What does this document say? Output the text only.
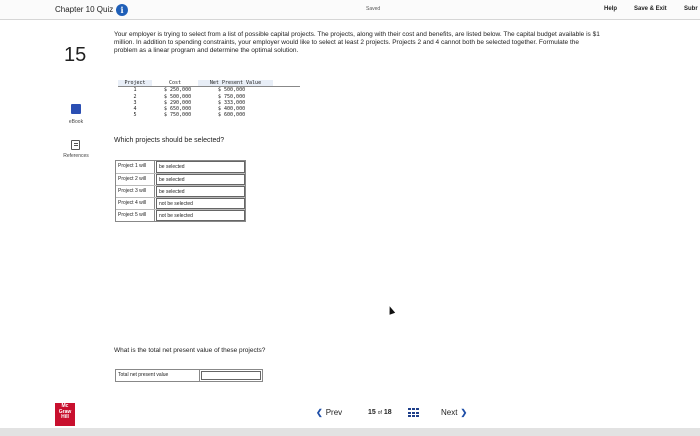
Chapter 10 Quiz i	Saved	Help	Save & Exit	Subr
15
eBook
References
Your employer is trying to select from a list of possible capital projects. The projects, along with their cost and benefits, are listed below. The capital budget available is $1 million. In addition to spending constraints, your employer would like to select at least 2 projects. Projects 2 and 4 cannot both be selected together. Formulate the problem as a linear program and determine the optimal solution.
Project	Cost	Net Present Value
1	$ 250,000	$ 500,000
2	$ 500,000	$ 750,000
3	$ 290,000	$ 333,000
4	$ 650,000	$ 400,000
5	$ 750,000	$ 600,000
Which projects should be selected?
Project 1 will	be selected
Project 2 will	be selected
Project 3 will	be selected
Project 4 will	not be selected
Project 5 will	not be selected
What is the total net present value of these projects?
Total net present value
Mc
Graw
Hill	❮ Prev	15 of 18	Next ❯
